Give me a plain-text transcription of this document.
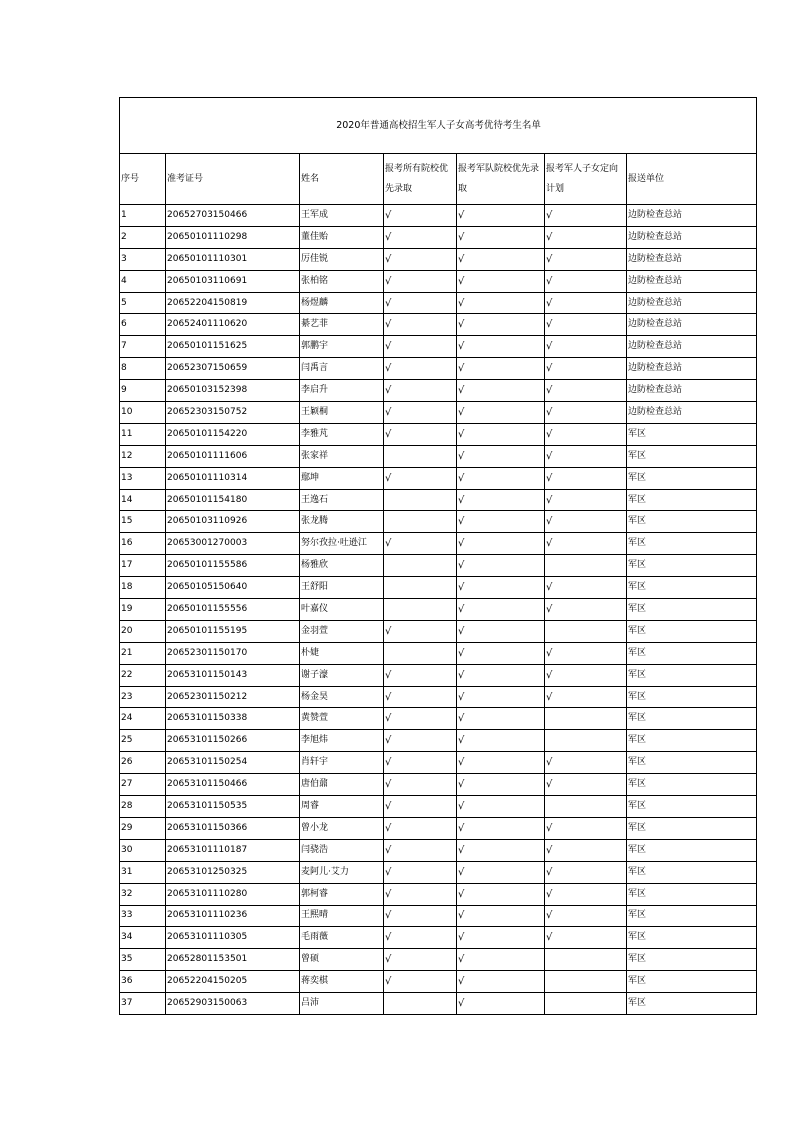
2020年普通高校招生军人子女高考优待考生名单						
序号	准考证号	姓名	报考所有院校优先录取	报考军队院校优先录取	报考军人子女定向计划	报送单位
1	20652703150466	王军成	√	√	√	边防检查总站
2	20650101110298	董佳贻	√	√	√	边防检查总站
3	20650101110301	厉佳锐	√	√	√	边防检查总站
4	20650103110691	张柏铭	√	√	√	边防检查总站
5	20652204150819	杨煜麟	√	√	√	边防检查总站
6	20652401110620	綦艺菲	√	√	√	边防检查总站
7	20650101151625	郭鹏宇	√	√	√	边防检查总站
8	20652307150659	闫禹言	√	√	√	边防检查总站
9	20650103152398	李启升	√	√	√	边防检查总站
10	20652303150752	王颖桐	√	√	√	边防检查总站
11	20650101154220	李雅芃	√	√	√	军区
12	20650101111606	张家祥		√	√	军区
13	20650101110314	鄢坤	√	√	√	军区
14	20650101154180	王逸石		√	√	军区
15	20650103110926	张龙腾		√	√	军区
16	20653001270003	努尔孜拉·吐逊江	√	√	√	军区
17	20650101155586	杨雅欣		√		军区
18	20650105150640	王舒阳		√	√	军区
19	20650101155556	叶嘉仪		√	√	军区
20	20650101155195	金羽萱	√	√		军区
21	20652301150170	朴婕		√	√	军区
22	20653101150143	谢子濠	√	√	√	军区
23	20652301150212	杨金昊	√	√	√	军区
24	20653101150338	黄赞萱	√	√		军区
25	20653101150266	李旭炜	√	√		军区
26	20653101150254	肖轩宇	√	√	√	军区
27	20653101150466	唐伯鼐	√	√	√	军区
28	20653101150535	周睿	√	√		军区
29	20653101150366	曾小龙	√	√	√	军区
30	20653101110187	闫骁浩	√	√	√	军区
31	20653101250325	麦阿儿·艾力	√	√	√	军区
32	20653101110280	郭柯睿	√	√	√	军区
33	20653101110236	王熙晴	√	√	√	军区
34	20653101110305	毛雨薇	√	√	√	军区
35	20652801153501	曾硕	√	√		军区
36	20652204150205	蒋奕棋	√	√		军区
37	20652903150063	吕沛		√		军区
